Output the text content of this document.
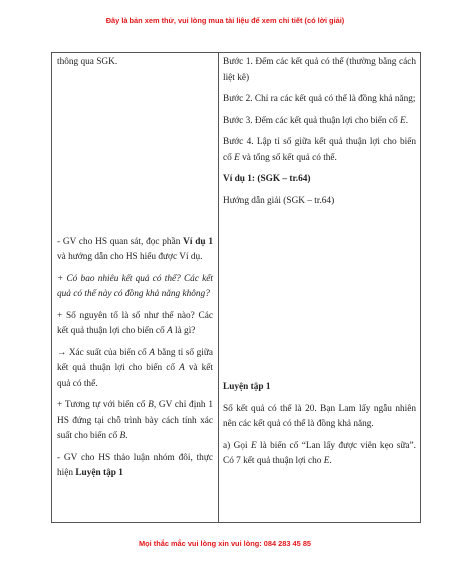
Đây là bản xem thử, vui lòng mua tài liệu để xem chi tiết (có lời giải)

thông qua SGK.

- GV cho HS quan sát, đọc phần Ví dụ 1 và hướng dẫn cho HS hiểu được Ví dụ.

+ Có bao nhiêu kết quả có thể? Các kết quả có thể này có đồng khả năng không?

+ Số nguyên tố là số như thế nào? Các kết quả thuận lợi cho biến cố A là gì?

→ Xác suất của biến cố A bằng tỉ số giữa kết quả thuận lợi cho biến cố A và kết quả có thể.

+ Tương tự với biến cố B, GV chỉ định 1 HS đứng tại chỗ trình bày cách tính xác suất cho biến cố B.

- GV cho HS thảo luận nhóm đôi, thực hiện Luyện tập 1

Bước 1. Đếm các kết quả có thể (thường bằng cách liệt kê)

Bước 2. Chỉ ra các kết quả có thể là đồng khả năng;

Bước 3. Đếm các kết quả thuận lợi cho biến cố E.

Bước 4. Lập tỉ số giữa kết quả thuận lợi cho biến cố E và tổng số kết quả có thể.

Ví dụ 1: (SGK – tr.64)

Hướng dẫn giải (SGK – tr.64)

Luyện tập 1

Số kết quả có thể là 20. Bạn Lam lấy ngẫu nhiên nên các kết quả có thể là đồng khả năng.

a) Gọi E là biến cố “Lan lấy được viên kẹo sữa”. Có 7 kết quả thuận lợi cho E.

Mọi thắc mắc vui lòng xin vui lòng: 084 283 45 85
